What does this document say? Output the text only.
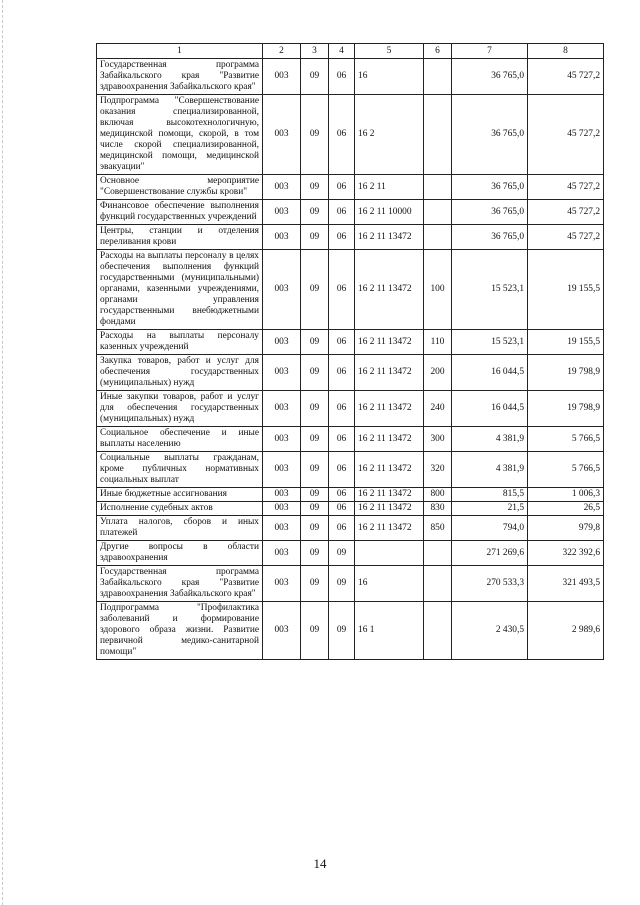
1	2	3	4	5	6	7	8
Государственная программа Забайкальского края "Развитие здравоохранения Забайкальского края"	003	09	06	16		36 765,0	45 727,2
Подпрограмма "Совершенствование оказания специализированной, включая высокотехнологичную, медицинской помощи, скорой, в том числе скорой специализированной, медицинской помощи, медицинской эвакуации"	003	09	06	16 2		36 765,0	45 727,2
Основное мероприятие "Совершенствование службы крови"	003	09	06	16 2 11		36 765,0	45 727,2
Финансовое обеспечение выполнения функций государственных учреждений	003	09	06	16 2 11 10000		36 765,0	45 727,2
Центры, станции и отделения переливания крови	003	09	06	16 2 11 13472		36 765,0	45 727,2
Расходы на выплаты персоналу в целях обеспечения выполнения функций государственными (муниципальными) органами, казенными учреждениями, органами управления государственными внебюджетными фондами	003	09	06	16 2 11 13472	100	15 523,1	19 155,5
Расходы на выплаты персоналу казенных учреждений	003	09	06	16 2 11 13472	110	15 523,1	19 155,5
Закупка товаров, работ и услуг для обеспечения государственных (муниципальных) нужд	003	09	06	16 2 11 13472	200	16 044,5	19 798,9
Иные закупки товаров, работ и услуг для обеспечения государственных (муниципальных) нужд	003	09	06	16 2 11 13472	240	16 044,5	19 798,9
Социальное обеспечение и иные выплаты населению	003	09	06	16 2 11 13472	300	4 381,9	5 766,5
Социальные выплаты гражданам, кроме публичных нормативных социальных выплат	003	09	06	16 2 11 13472	320	4 381,9	5 766,5
Иные бюджетные ассигнования	003	09	06	16 2 11 13472	800	815,5	1 006,3
Исполнение судебных актов	003	09	06	16 2 11 13472	830	21,5	26,5
Уплата налогов, сборов и иных платежей	003	09	06	16 2 11 13472	850	794,0	979,8
Другие вопросы в области здравоохранения	003	09	09			271 269,6	322 392,6
Государственная программа Забайкальского края "Развитие здравоохранения Забайкальского края"	003	09	09	16		270 533,3	321 493,5
Подпрограмма "Профилактика заболеваний и формирование здорового образа жизни. Развитие первичной медико-санитарной помощи"	003	09	09	16 1		2 430,5	2 989,6
14
